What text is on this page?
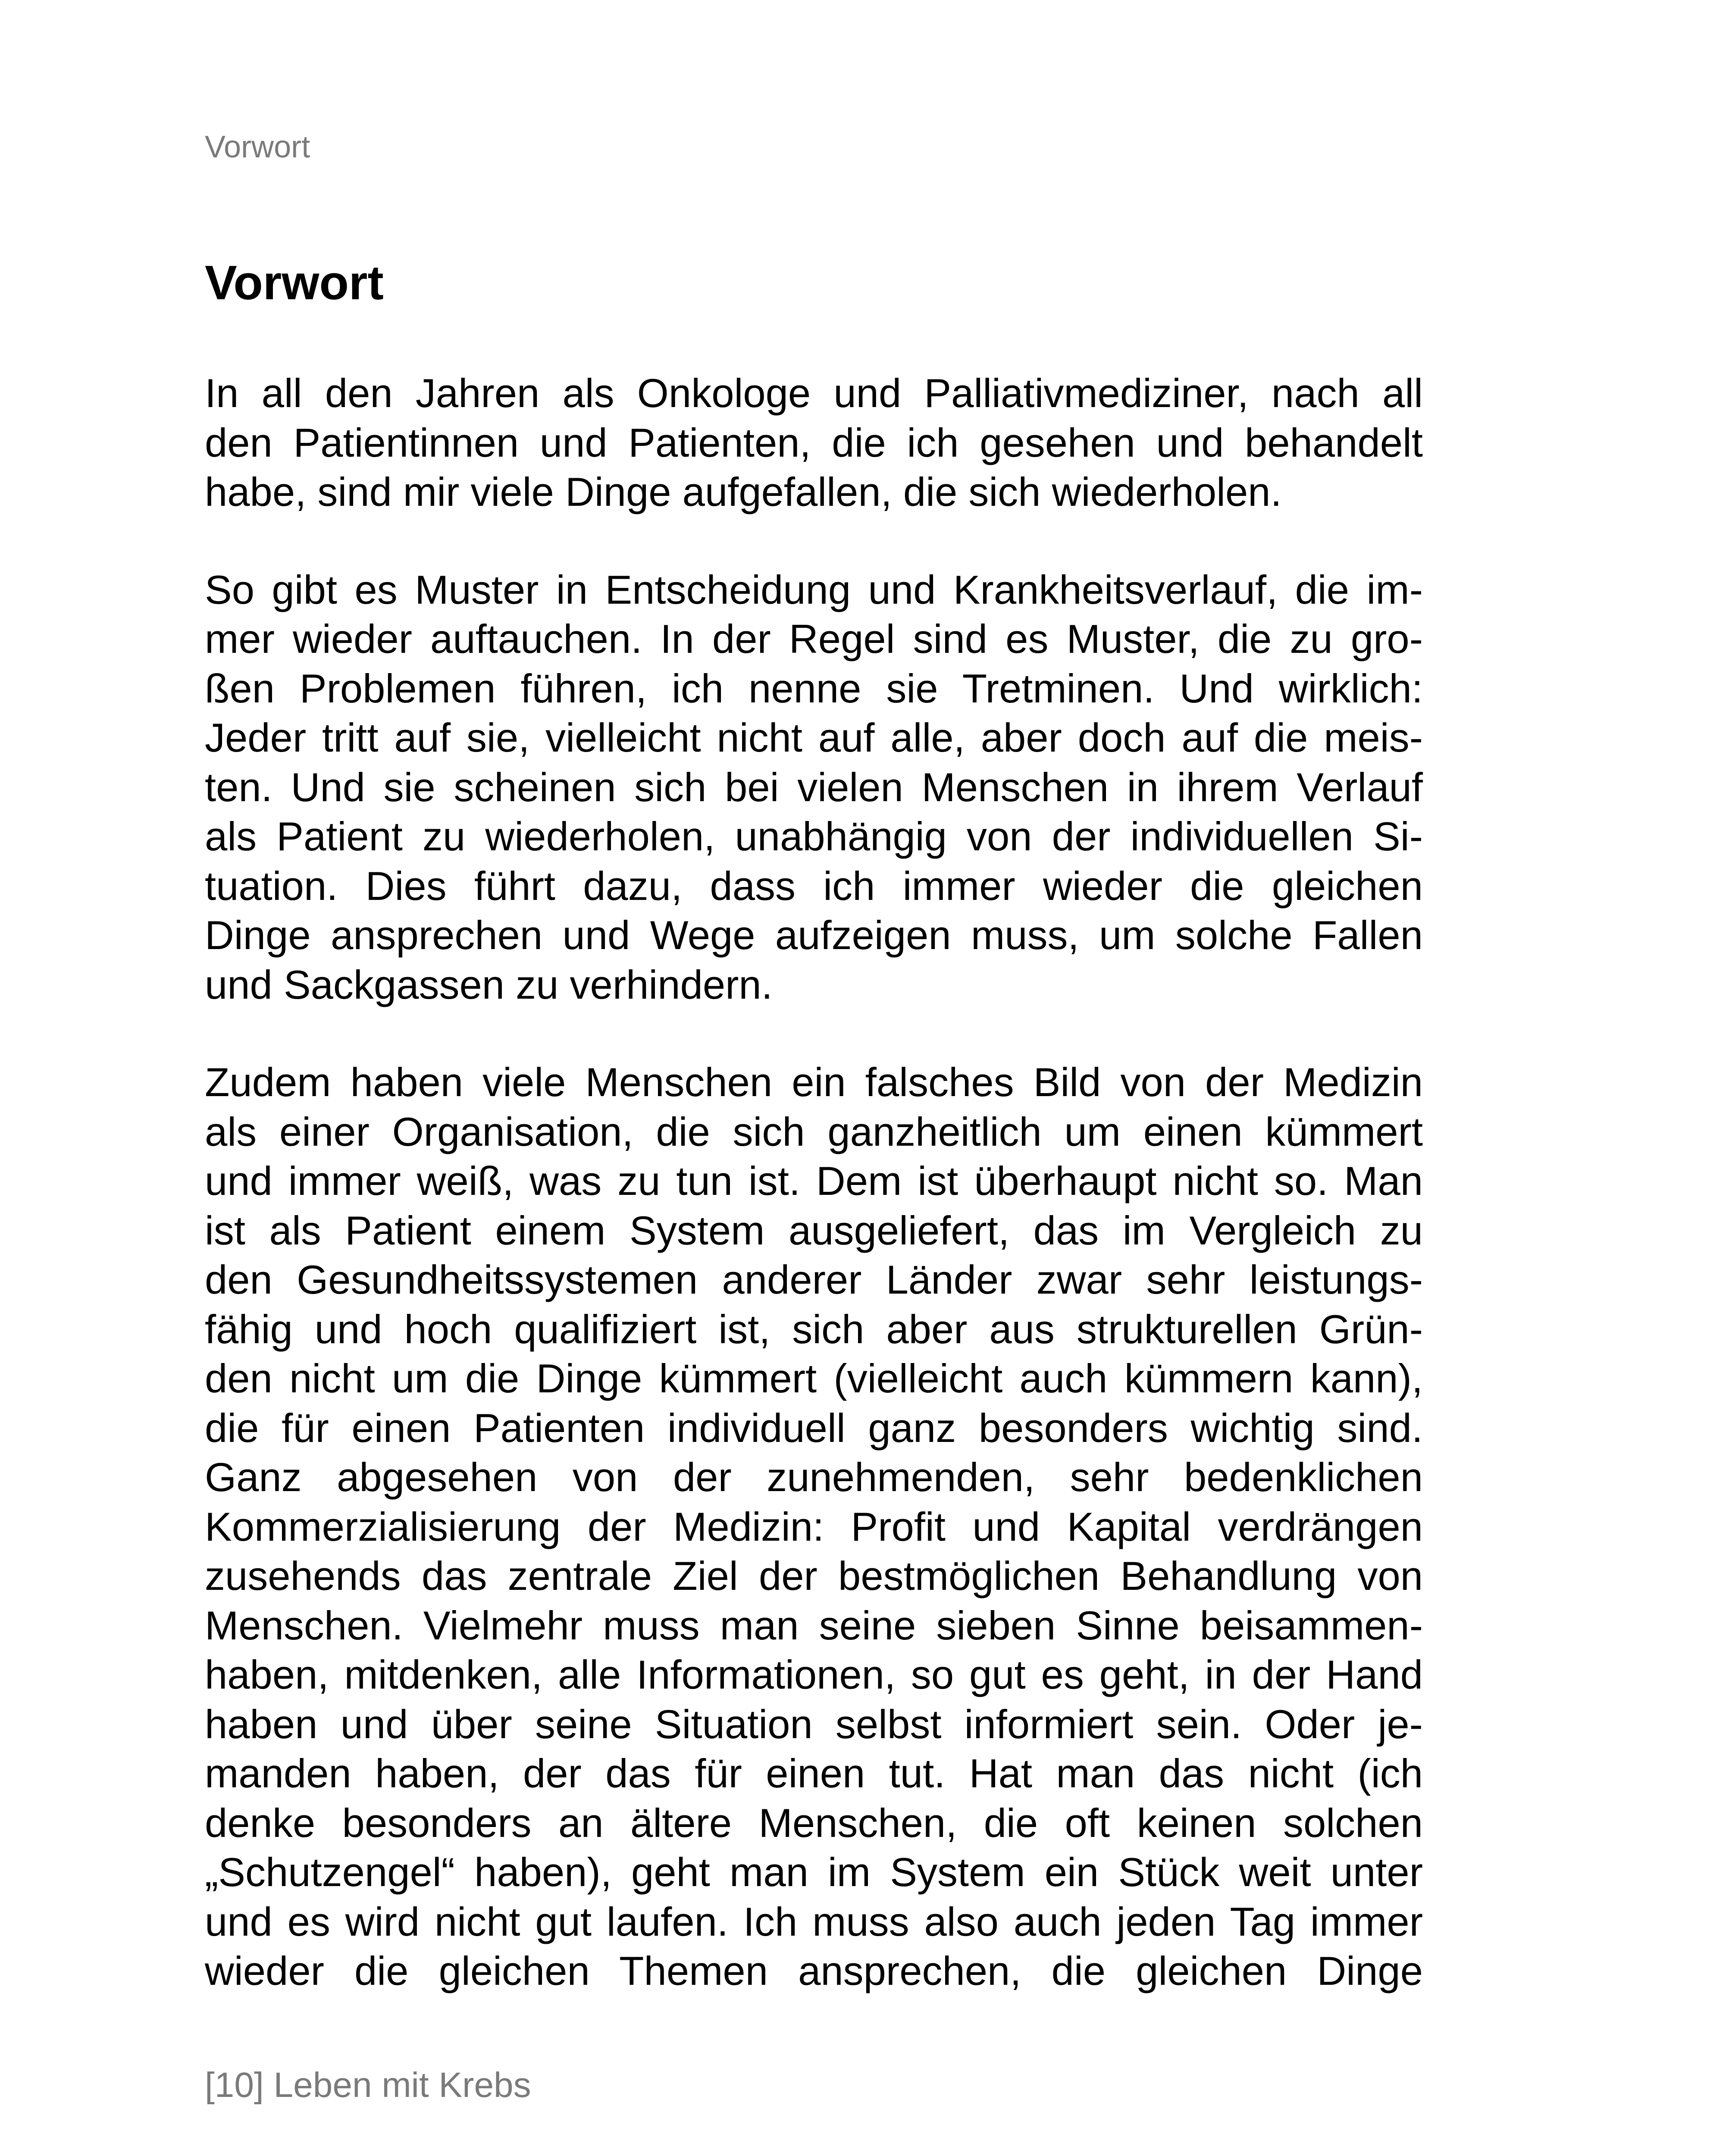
Vorwort
Vorwort

In all den Jahren als Onkologe und Palliativmediziner, nach all
den Patientinnen und Patienten, die ich gesehen und behandelt
habe, sind mir viele Dinge aufgefallen, die sich wiederholen.

So gibt es Muster in Entscheidung und Krankheitsverlauf, die im-
mer wieder auftauchen. In der Regel sind es Muster, die zu gro-
ßen Problemen führen, ich nenne sie Tretminen. Und wirklich:
Jeder tritt auf sie, vielleicht nicht auf alle, aber doch auf die meis-
ten. Und sie scheinen sich bei vielen Menschen in ihrem Verlauf
als Patient zu wiederholen, unabhängig von der individuellen Si-
tuation. Dies führt dazu, dass ich immer wieder die gleichen
Dinge ansprechen und Wege aufzeigen muss, um solche Fallen
und Sackgassen zu verhindern.

Zudem haben viele Menschen ein falsches Bild von der Medizin
als einer Organisation, die sich ganzheitlich um einen kümmert
und immer weiß, was zu tun ist. Dem ist überhaupt nicht so. Man
ist als Patient einem System ausgeliefert, das im Vergleich zu
den Gesundheitssystemen anderer Länder zwar sehr leistungs-
fähig und hoch qualifiziert ist, sich aber aus strukturellen Grün-
den nicht um die Dinge kümmert (vielleicht auch kümmern kann),
die für einen Patienten individuell ganz besonders wichtig sind.
Ganz abgesehen von der zunehmenden, sehr bedenklichen
Kommerzialisierung der Medizin: Profit und Kapital verdrängen
zusehends das zentrale Ziel der bestmöglichen Behandlung von
Menschen. Vielmehr muss man seine sieben Sinne beisammen-
haben, mitdenken, alle Informationen, so gut es geht, in der Hand
haben und über seine Situation selbst informiert sein. Oder je-
manden haben, der das für einen tut. Hat man das nicht (ich
denke besonders an ältere Menschen, die oft keinen solchen
„Schutzengel“ haben), geht man im System ein Stück weit unter
und es wird nicht gut laufen. Ich muss also auch jeden Tag immer
wieder die gleichen Themen ansprechen, die gleichen Dinge

[10] Leben mit Krebs
